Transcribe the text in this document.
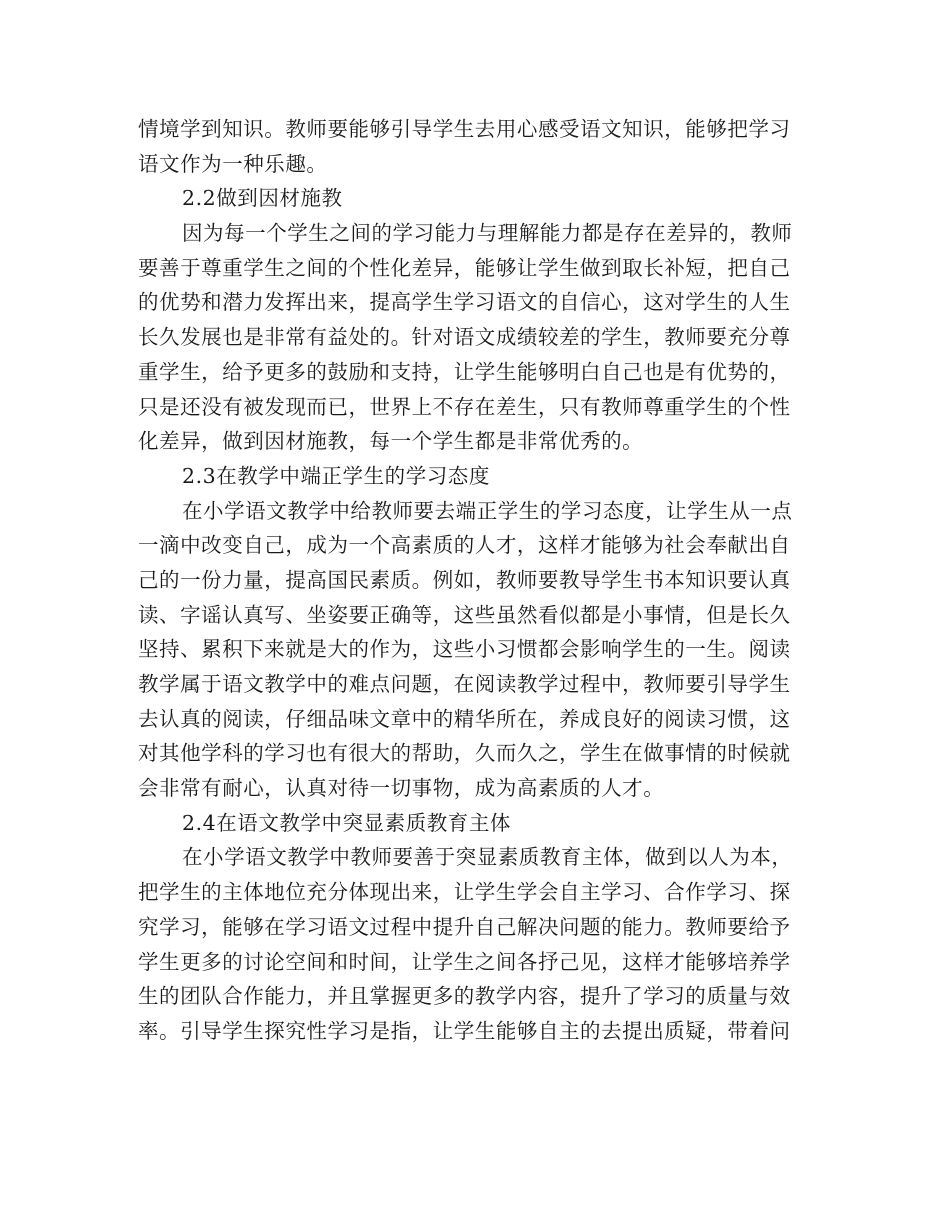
情境学到知识。教师要能够引导学生去用心感受语文知识，能够把学习
语文作为一种乐趣。
2.2做到因材施教
因为每一个学生之间的学习能力与理解能力都是存在差异的，教师
要善于尊重学生之间的个性化差异，能够让学生做到取长补短，把自己
的优势和潜力发挥出来，提高学生学习语文的自信心，这对学生的人生
长久发展也是非常有益处的。针对语文成绩较差的学生，教师要充分尊
重学生，给予更多的鼓励和支持，让学生能够明白自己也是有优势的，
只是还没有被发现而已，世界上不存在差生，只有教师尊重学生的个性
化差异，做到因材施教，每一个学生都是非常优秀的。
2.3在教学中端正学生的学习态度
在小学语文教学中给教师要去端正学生的学习态度，让学生从一点
一滴中改变自己，成为一个高素质的人才，这样才能够为社会奉献出自
己的一份力量，提高国民素质。例如，教师要教导学生书本知识要认真
读、字谣认真写、坐姿要正确等，这些虽然看似都是小事情，但是长久
坚持、累积下来就是大的作为，这些小习惯都会影响学生的一生。阅读
教学属于语文教学中的难点问题，在阅读教学过程中，教师要引导学生
去认真的阅读，仔细品味文章中的精华所在，养成良好的阅读习惯，这
对其他学科的学习也有很大的帮助，久而久之，学生在做事情的时候就
会非常有耐心，认真对待一切事物，成为高素质的人才。
2.4在语文教学中突显素质教育主体
在小学语文教学中教师要善于突显素质教育主体，做到以人为本，
把学生的主体地位充分体现出来，让学生学会自主学习、合作学习、探
究学习，能够在学习语文过程中提升自己解决问题的能力。教师要给予
学生更多的讨论空间和时间，让学生之间各抒己见，这样才能够培养学
生的团队合作能力，并且掌握更多的教学内容，提升了学习的质量与效
率。引导学生探究性学习是指，让学生能够自主的去提出质疑，带着问
